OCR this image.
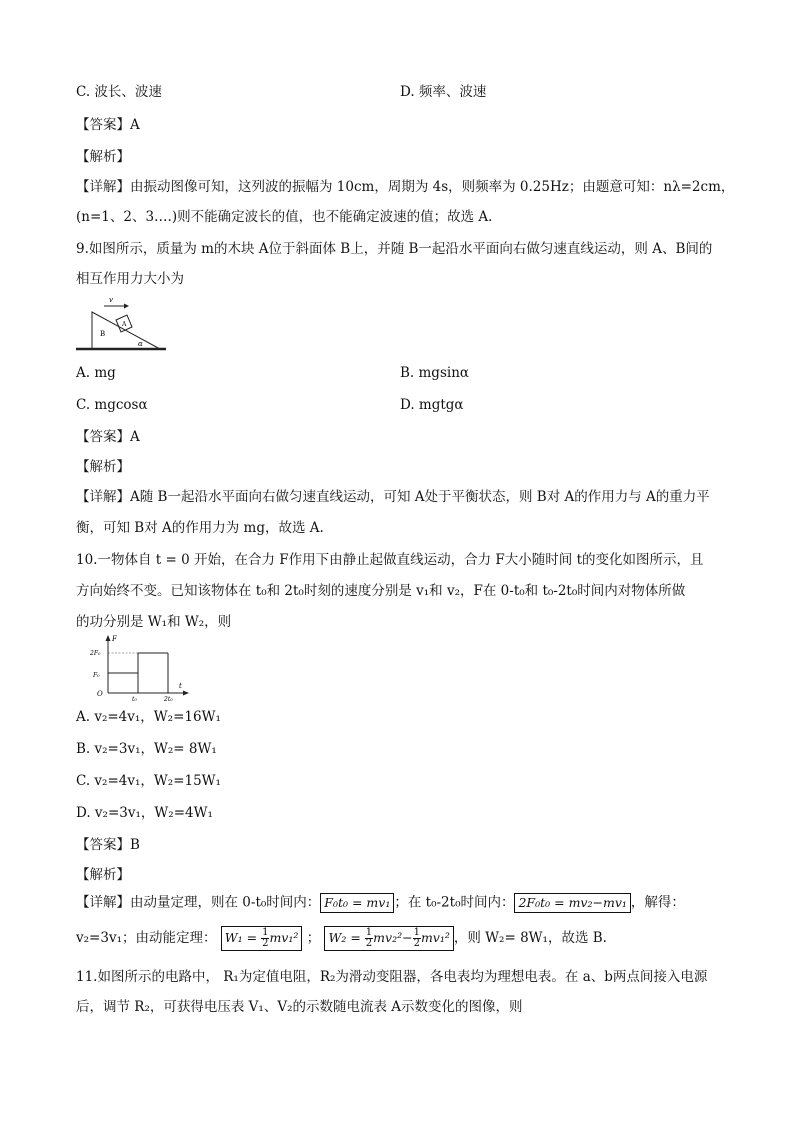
C. 波长、波速	D. 频率、波速
【答案】A
【解析】
【详解】由振动图像可知，这列波的振幅为 10cm，周期为 4s，则频率为 0.25Hz；由题意可知：nλ=2cm，
(n=1、2、3….)则不能确定波长的值，也不能确定波速的值；故选 A.
9.如图所示，质量为 m的木块 A位于斜面体 B上，并随 B一起沿水平面向右做匀速直线运动，则 A、B间的
相互作用力大小为
v
A
B
α
A. mg	B. mgsinα
C. mgcosα	D. mgtgα
【答案】A
【解析】
【详解】A随 B一起沿水平面向右做匀速直线运动，可知 A处于平衡状态，则 B对 A的作用力与 A的重力平
衡，可知 B对 A的作用力为 mg，故选 A.
10.一物体自 t = 0 开始，在合力 F作用下由静止起做直线运动，合力 F大小随时间 t的变化如图所示，且
方向始终不变。已知该物体在 t₀和 2t₀时刻的速度分别是 v₁和 v₂，F在 0-t₀和 t₀-2t₀时间内对物体所做
的功分别是 W₁和 W₂，则
F
2F₀
F₀
O
t
t₀	2t₀
A. v₂=4v₁，W₂=16W₁
B. v₂=3v₁，W₂= 8W₁
C. v₂=4v₁，W₂=15W₁
D. v₂=3v₁，W₂=4W₁
【答案】B
【解析】
【详解】由动量定理，则在 0-t₀时间内： F₀t₀ = mv₁ ；在 t₀-2t₀时间内： 2F₀t₀ = mv₂−mv₁ ，解得：
v₂=3v₁；由动能定理： $W_1 = \frac{1}{2} mv_1^2$ ； $W_2 = \frac{1}{2} mv_2^2- \frac{1}{2} mv_1^2$ ，则 W₂= 8W₁，故选 B.
11.如图所示的电路中， R₁为定值电阻，R₂为滑动变阻器，各电表均为理想电表。在 a、b两点间接入电源
后，调节 R₂，可获得电压表 V₁、V₂的示数随电流表 A示数变化的图像，则
